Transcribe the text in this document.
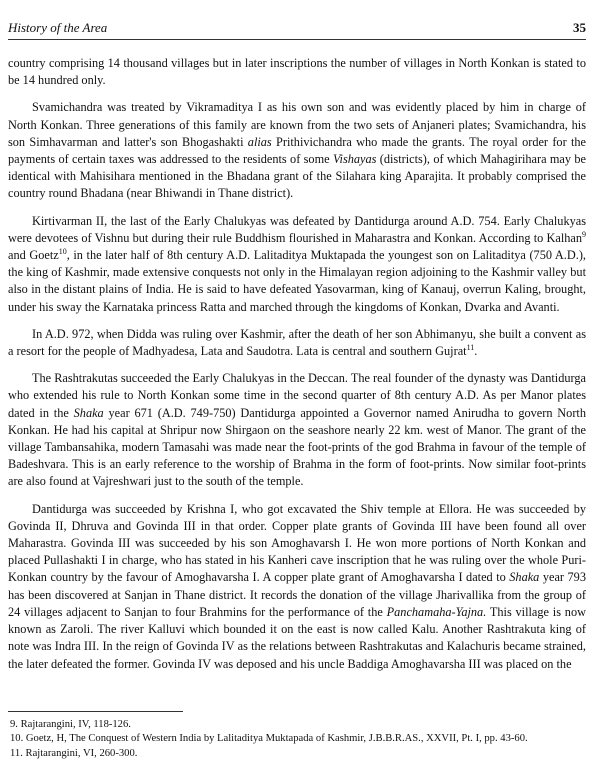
History of the Area	35

country comprising 14 thousand villages but in later inscriptions the number of villages in North Konkan is stated to be 14 hundred only.

Svamichandra was treated by Vikramaditya I as his own son and was evidently placed by him in charge of North Konkan. Three generations of this family are known from the two sets of Anjaneri plates; Svamichandra, his son Simhavarman and latter's son Bhogashakti alias Prithivichandra who made the grants. The royal order for the payments of certain taxes was addressed to the residents of some Vishayas (districts), of which Mahagirihara may be identical with Mahisihara mentioned in the Bhadana grant of the Silahara king Aparajita. It probably comprised the country round Bhadana (near Bhiwandi in Thane district).

Kirtivarman II, the last of the Early Chalukyas was defeated by Dantidurga around A.D. 754. Early Chalukyas were devotees of Vishnu but during their rule Buddhism flourished in Maharastra and Konkan. According to Kalhan$^9$ and Goetz$^{10}$, in the later half of 8th century A.D. Lalitaditya Muktapada the youngest son on Lalitaditya (750 A.D.), the king of Kashmir, made extensive conquests not only in the Himalayan region adjoining to the Kashmir valley but also in the distant plains of India. He is said to have defeated Yasovarman, king of Kanauj, overrun Kaling, brought, under his sway the Karnataka princess Ratta and marched through the kingdoms of Konkan, Dvarka and Avanti.

In A.D. 972, when Didda was ruling over Kashmir, after the death of her son Abhimanyu, she built a convent as a resort for the people of Madhyadesa, Lata and Saudotra. Lata is central and southern Gujrat$^{11}$.

The Rashtrakutas succeeded the Early Chalukyas in the Deccan. The real founder of the dynasty was Dantidurga who extended his rule to North Konkan some time in the second quarter of 8th century A.D. As per Manor plates dated in the Shaka year 671 (A.D. 749-750) Dantidurga appointed a Governor named Anirudha to govern North Konkan. He had his capital at Shripur now Shirgaon on the seashore nearly 22 km. west of Manor. The grant of the village Tambansahika, modern Tamasahi was made near the foot-prints of the god Brahma in favour of the temple of Badeshvara. This is an early reference to the worship of Brahma in the form of foot-prints. Now similar foot-prints are also found at Vajreshwari just to the south of the temple.

Dantidurga was succeeded by Krishna I, who got excavated the Shiv temple at Ellora. He was succeeded by Govinda II, Dhruva and Govinda III in that order. Copper plate grants of Govinda III have been found all over Maharastra. Govinda III was succeeded by his son Amoghavarsh I. He won more portions of North Konkan and placed Pullashakti I in charge, who has stated in his Kanheri cave inscription that he was ruling over the whole Puri-Konkan country by the favour of Amoghavarsha I. A copper plate grant of Amoghavarsha I dated to Shaka year 793 has been discovered at Sanjan in Thane district. It records the donation of the village Jharivallika from the group of 24 villages adjacent to Sanjan to four Brahmins for the performance of the Panchamaha-Yajna. This village is now known as Zaroli. The river Kalluvi which bounded it on the east is now called Kalu. Another Rashtrakuta king of note was Indra III. In the reign of Govinda IV as the relations between Rashtrakutas and Kalachuris became strained, the later defeated the former. Govinda IV was deposed and his uncle Baddiga Amoghavarsha III was placed on the

9. Rajtarangini, IV, 118-126.
10. Goetz, H, The Conquest of Western India by Lalitaditya Muktapada of Kashmir, J.B.B.R.AS., XXVII, Pt. I, pp. 43-60.
11. Rajtarangini, VI, 260-300.
